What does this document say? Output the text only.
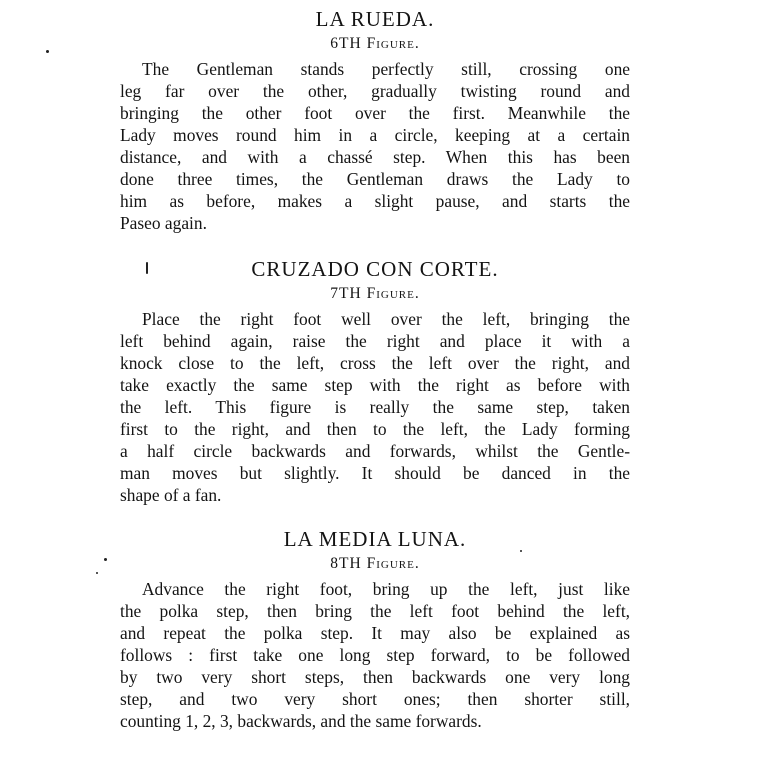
LA RUEDA.
6TH Figure.
The Gentleman stands perfectly still, crossing one
leg far over the other, gradually twisting round and
bringing the other foot over the first. Meanwhile the
Lady moves round him in a circle, keeping at a certain
distance, and with a chassé step. When this has been
done three times, the Gentleman draws the Lady to
him as before, makes a slight pause, and starts the
Paseo again.
CRUZADO CON CORTE.
7TH Figure.
Place the right foot well over the left, bringing the
left behind again, raise the right and place it with a
knock close to the left, cross the left over the right, and
take exactly the same step with the right as before with
the left. This figure is really the same step, taken
first to the right, and then to the left, the Lady forming
a half circle backwards and forwards, whilst the Gentle-
man moves but slightly. It should be danced in the
shape of a fan.
LA MEDIA LUNA.
8TH Figure.
Advance the right foot, bring up the left, just like
the polka step, then bring the left foot behind the left,
and repeat the polka step. It may also be explained as
follows : first take one long step forward, to be followed
by two very short steps, then backwards one very long
step, and two very short ones; then shorter still,
counting 1, 2, 3, backwards, and the same forwards.
